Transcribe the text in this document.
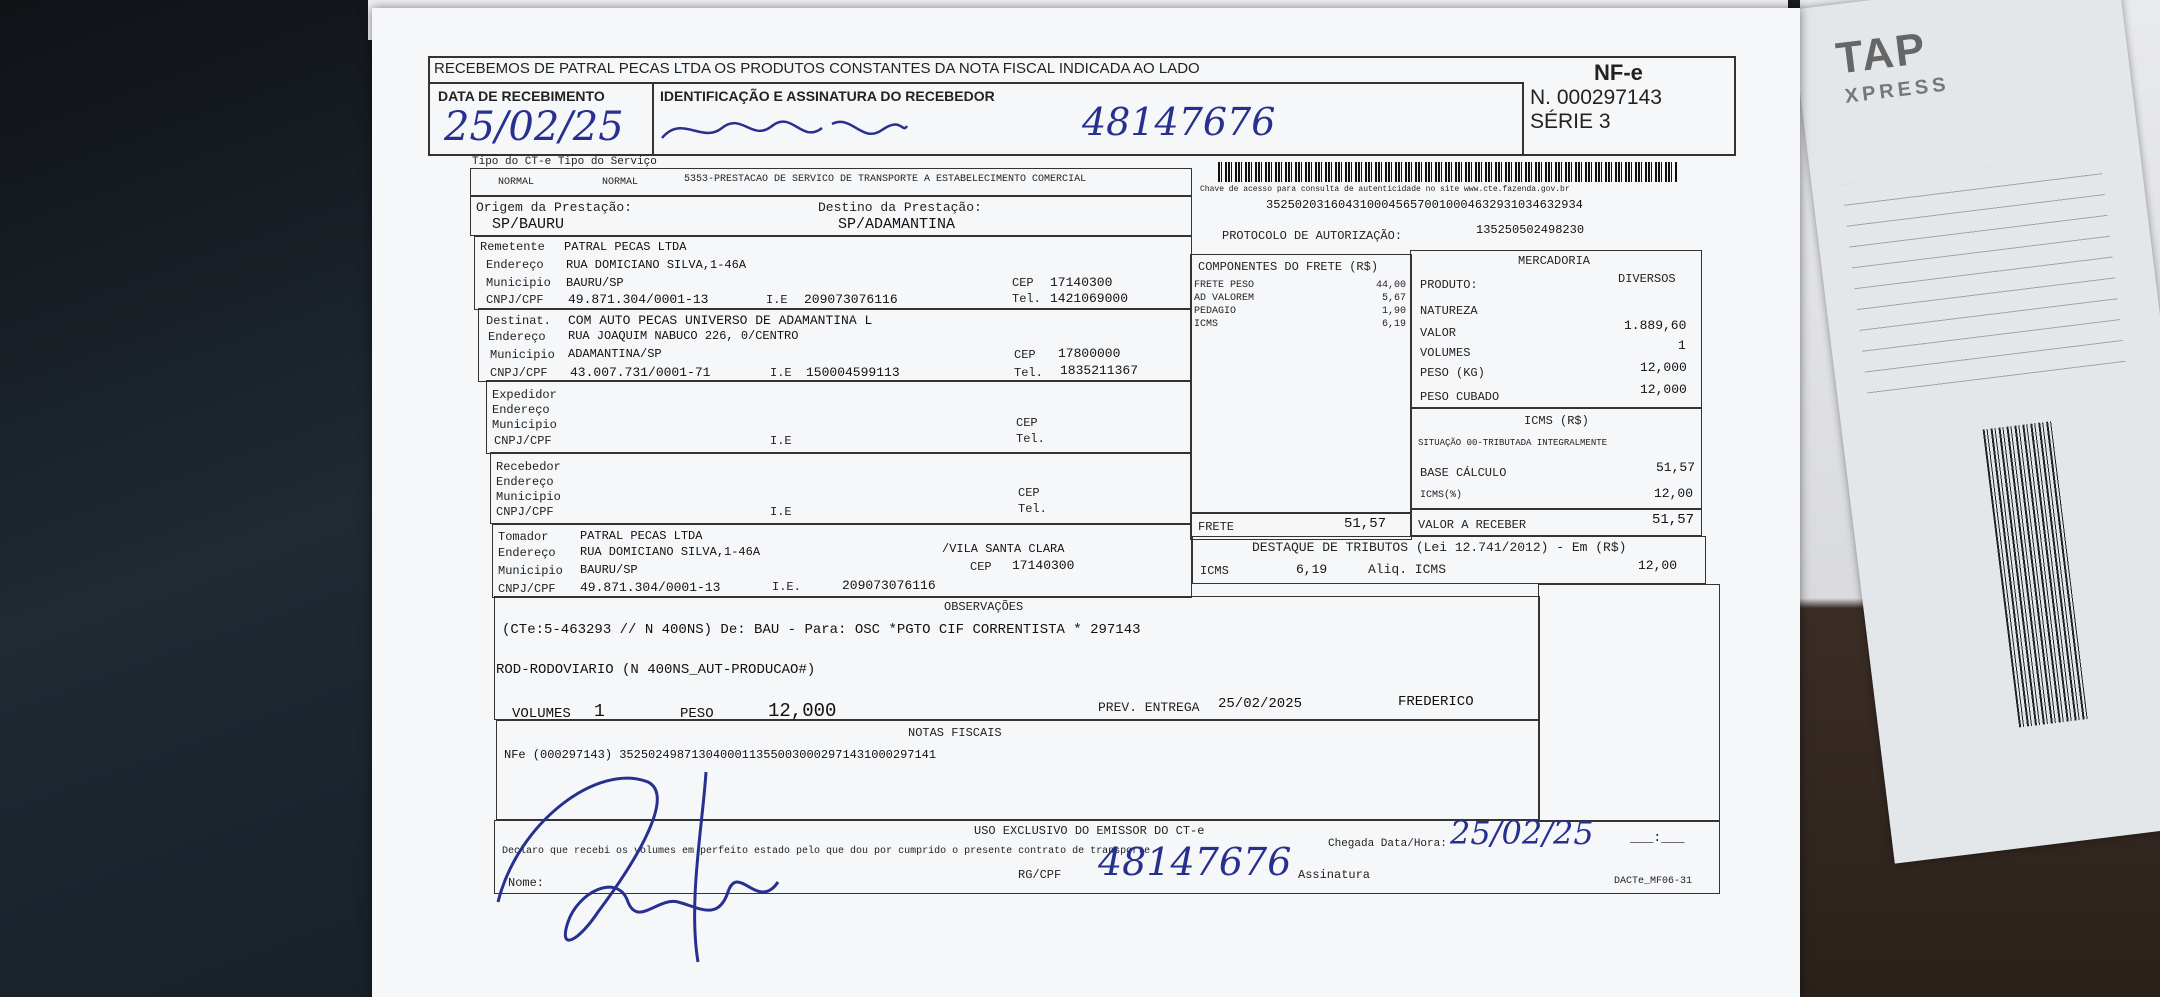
TAP
XPRESS
RECEBEMOS DE PATRAL PECAS LTDA OS PRODUTOS CONSTANTES DA NOTA FISCAL INDICADA AO LADO
DATA DE RECEBIMENTO
25/02/25
IDENTIFICAÇÃO E ASSINATURA DO RECEBEDOR
48147676
NF-e
N. 000297143
SÉRIE 3
Tipo do CT-e Tipo do Serviço
NORMAL	NORMAL	5353-PRESTACAO DE SERVICO DE TRANSPORTE A ESTABELECIMENTO COMERCIAL
Chave de acesso para consulta de autenticidade no site www.cte.fazenda.gov.br
35250203160431000456570010004632931034632934
PROTOCOLO DE AUTORIZAÇÃO:	135250502498230
Origem da Prestação:
SP/BAURU
Destino da Prestação:
SP/ADAMANTINA
Remetente PATRAL PECAS LTDA
Endereço RUA DOMICIANO SILVA,1-46A
Municipio BAURU/SP	CEP 17140300
CNPJ/CPF 49.871.304/0001-13	I.E 209073076116	Tel. 1421069000
Destinat. COM AUTO PECAS UNIVERSO DE ADAMANTINA L
Endereço RUA JOAQUIM NABUCO 226, 0/CENTRO
Municipio ADAMANTINA/SP	CEP 17800000
CNPJ/CPF 43.007.731/0001-71	I.E 150004599113	Tel. 1835211367
Expedidor
Endereço
Municipio	CEP
CNPJ/CPF	I.E	Tel.
Recebedor
Endereço
Municipio	CEP
CNPJ/CPF	I.E	Tel.
Tomador	PATRAL PECAS LTDA
Endereço RUA DOMICIANO SILVA,1-46A	/VILA SANTA CLARA
Municipio BAURU/SP	CEP 17140300
CNPJ/CPF 49.871.304/0001-13	I.E.	209073076116
COMPONENTES DO FRETE (R$)
FRETE PESO	44,00
AD VALOREM	5,67
PEDAGIO	1,90
ICMS	6,19
FRETE	51,57
MERCADORIA
PRODUTO:	DIVERSOS
NATUREZA
VALOR	1.889,60
VOLUMES	1
PESO (KG)	12,000
PESO CUBADO	12,000
ICMS (R$)
SITUAÇÃO 00-TRIBUTADA INTEGRALMENTE
BASE CÁLCULO	51,57
ICMS(%)	12,00
VALOR A RECEBER	51,57
DESTAQUE DE TRIBUTOS (Lei 12.741/2012) - Em (R$)
ICMS	6,19	Aliq. ICMS	12,00
OBSERVAÇÕES
(CTe:5-463293 // N 400NS) De: BAU - Para: OSC *PGTO CIF CORRENTISTA * 297143
ROD-RODOVIARIO (N 400NS_AUT-PRODUCAO#)
VOLUMES 1	PESO	12,000	PREV. ENTREGA 25/02/2025	FREDERICO
NOTAS FISCAIS
NFe (000297143) 35250249871304000113550030002971431000297141
USO EXCLUSIVO DO EMISSOR DO CT-e
Declaro que recebi os volumes em perfeito estado pelo que dou por cumprido o presente contrato de transporte.
Chegada Data/Hora: 25/02/25	___:___
Nome:
RG/CPF 48147676 Assinatura	DACTe_MF06-31
